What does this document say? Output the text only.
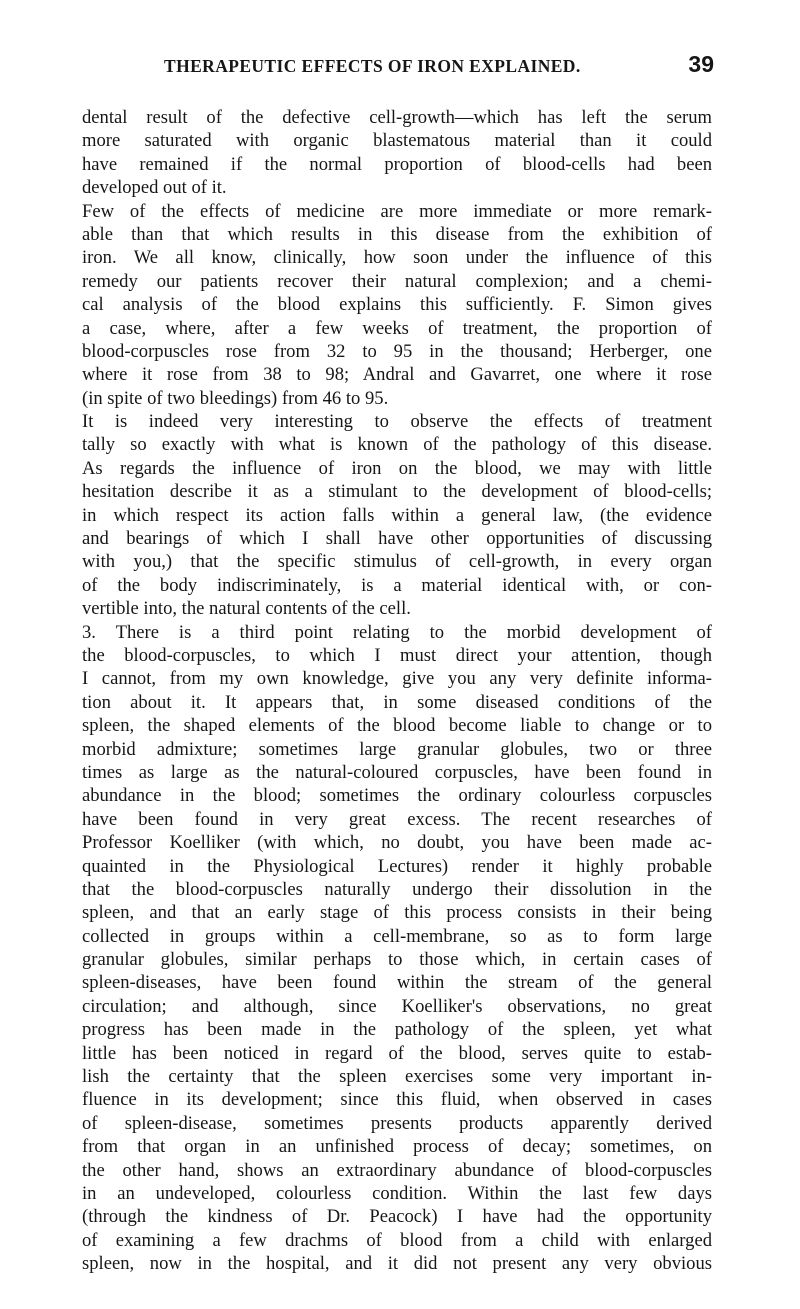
THERAPEUTIC EFFECTS OF IRON EXPLAINED.	39
dental result of the defective cell-growth—which has left the serum
more saturated with organic blastematous material than it could
have remained if the normal proportion of blood-cells had been
developed out of it.
Few of the effects of medicine are more immediate or more remark-
able than that which results in this disease from the exhibition of
iron. We all know, clinically, how soon under the influence of this
remedy our patients recover their natural complexion; and a chemi-
cal analysis of the blood explains this sufficiently. F. Simon gives
a case, where, after a few weeks of treatment, the proportion of
blood-corpuscles rose from 32 to 95 in the thousand; Herberger, one
where it rose from 38 to 98; Andral and Gavarret, one where it rose
(in spite of two bleedings) from 46 to 95.
It is indeed very interesting to observe the effects of treatment
tally so exactly with what is known of the pathology of this disease.
As regards the influence of iron on the blood, we may with little
hesitation describe it as a stimulant to the development of blood-cells;
in which respect its action falls within a general law, (the evidence
and bearings of which I shall have other opportunities of discussing
with you,) that the specific stimulus of cell-growth, in every organ
of the body indiscriminately, is a material identical with, or con-
vertible into, the natural contents of the cell.
3. There is a third point relating to the morbid development of
the blood-corpuscles, to which I must direct your attention, though
I cannot, from my own knowledge, give you any very definite informa-
tion about it. It appears that, in some diseased conditions of the
spleen, the shaped elements of the blood become liable to change or to
morbid admixture; sometimes large granular globules, two or three
times as large as the natural-coloured corpuscles, have been found in
abundance in the blood; sometimes the ordinary colourless corpuscles
have been found in very great excess. The recent researches of
Professor Koelliker (with which, no doubt, you have been made ac-
quainted in the Physiological Lectures) render it highly probable
that the blood-corpuscles naturally undergo their dissolution in the
spleen, and that an early stage of this process consists in their being
collected in groups within a cell-membrane, so as to form large
granular globules, similar perhaps to those which, in certain cases of
spleen-diseases, have been found within the stream of the general
circulation; and although, since Koelliker's observations, no great
progress has been made in the pathology of the spleen, yet what
little has been noticed in regard of the blood, serves quite to estab-
lish the certainty that the spleen exercises some very important in-
fluence in its development; since this fluid, when observed in cases
of spleen-disease, sometimes presents products apparently derived
from that organ in an unfinished process of decay; sometimes, on
the other hand, shows an extraordinary abundance of blood-corpuscles
in an undeveloped, colourless condition. Within the last few days
(through the kindness of Dr. Peacock) I have had the opportunity
of examining a few drachms of blood from a child with enlarged
spleen, now in the hospital, and it did not present any very obvious
